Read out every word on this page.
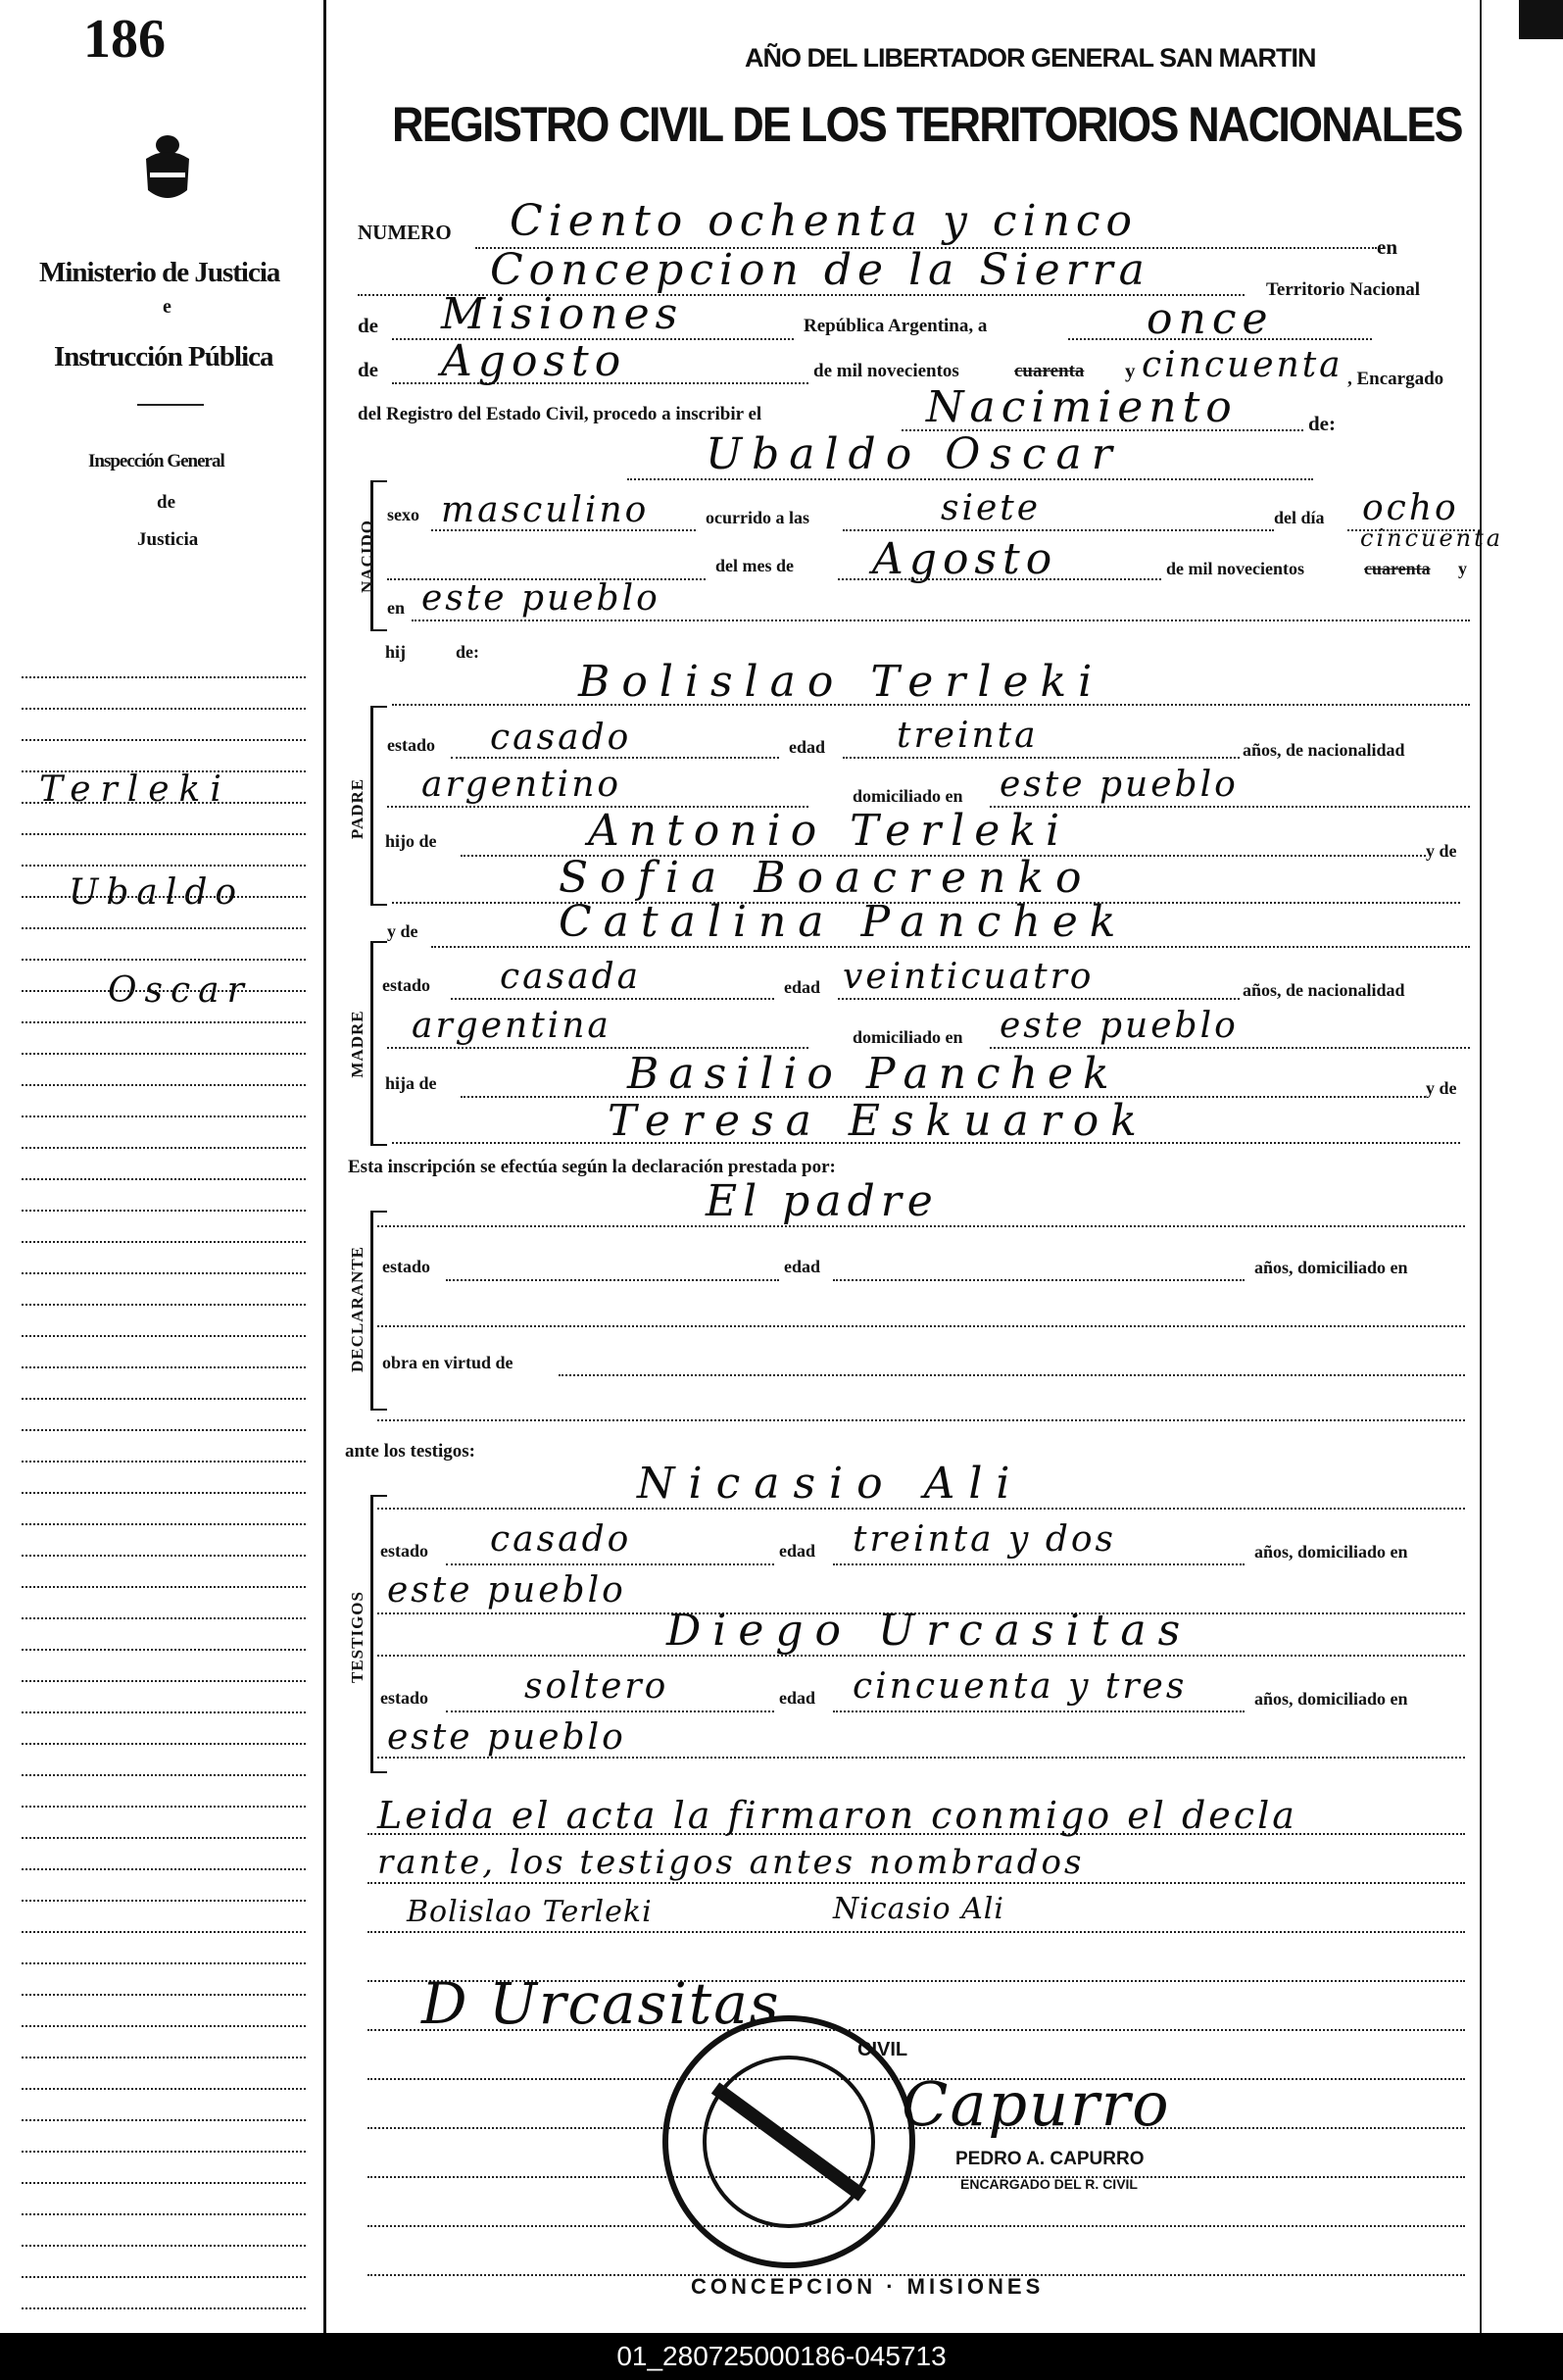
186
Ministerio de Justicia
e
Instrucción Pública
Inspección General
de
Justicia
Terleki
Ubaldo
Oscar
AÑO DEL LIBERTADOR GENERAL SAN MARTIN
REGISTRO CIVIL DE LOS TERRITORIOS NACIONALES
NUMERO Ciento ochenta y cinco
en
Concepcion de la Sierra	Territorio Nacional
de Misiones	República Argentina, a	once
de Agosto	de mil novecientos	cuarenta y cincuenta , Encargado
del Registro del Estado Civil, procedo a inscribir el	Nacimiento	de:
Ubaldo Oscar
NACIDO
sexo masculino	ocurrido a las	siete	del día ocho
del mes de Agosto	de mil novecientos	cuarenta y
cincuenta
en este pueblo
hij	de:
Bolislao Terleki
PADRE
estado casado	edad treinta	años, de nacionalidad
argentino	domiciliado en este pueblo
hijo de	Antonio Terleki	y de
Sofia Boacrenko
y de	Catalina Panchek
MADRE
estado casada	edad veinticuatro	años, de nacionalidad
argentina	domiciliado en este pueblo
hija de	Basilio Panchek	y de
Teresa Eskuarok
Esta inscripción se efectúa según la declaración prestada por:
El padre
DECLARANTE estado	edad	años, domiciliado en
obra en virtud de
ante los testigos:
Nicasio Ali
TESTIGOS
estado casado	edad treinta y dos	años, domiciliado en
este pueblo
Diego Urcasitas
estado	soltero	edad cincuenta y tres	años, domiciliado en
este pueblo
Leida el acta la firmaron conmigo el decla
rante, los testigos antes nombrados
Bolislao Terleki	Nicasio Ali
D Urcasitas
CONCEPCION · MISIONES
CIVIL
Capurro
PEDRO A. CAPURRO
ENCARGADO DEL R. CIVIL
01_280725000186-045713
